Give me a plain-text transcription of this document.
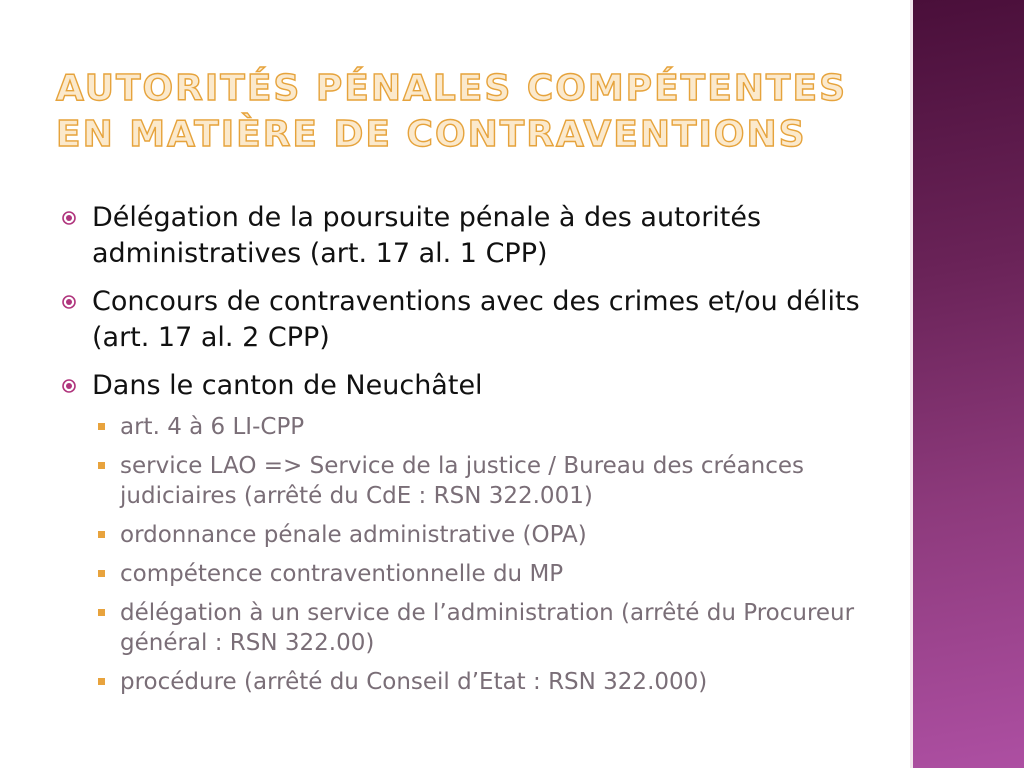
AUTORITÉS PÉNALES COMPÉTENTES
EN MATIÈRE DE CONTRAVENTIONS
Délégation de la poursuite pénale à des autorités administratives (art. 17 al. 1 CPP)
Concours de contraventions avec des crimes et/ou délits (art. 17 al. 2 CPP)
Dans le canton de Neuchâtel
art. 4 à 6 LI-CPP
service LAO => Service de la justice / Bureau des créances judiciaires (arrêté du CdE : RSN 322.001)
ordonnance pénale administrative (OPA)
compétence contraventionnelle du MP
délégation à un service de l’administration (arrêté du Procureur général : RSN 322.00)
procédure (arrêté du Conseil d’Etat : RSN 322.000)
